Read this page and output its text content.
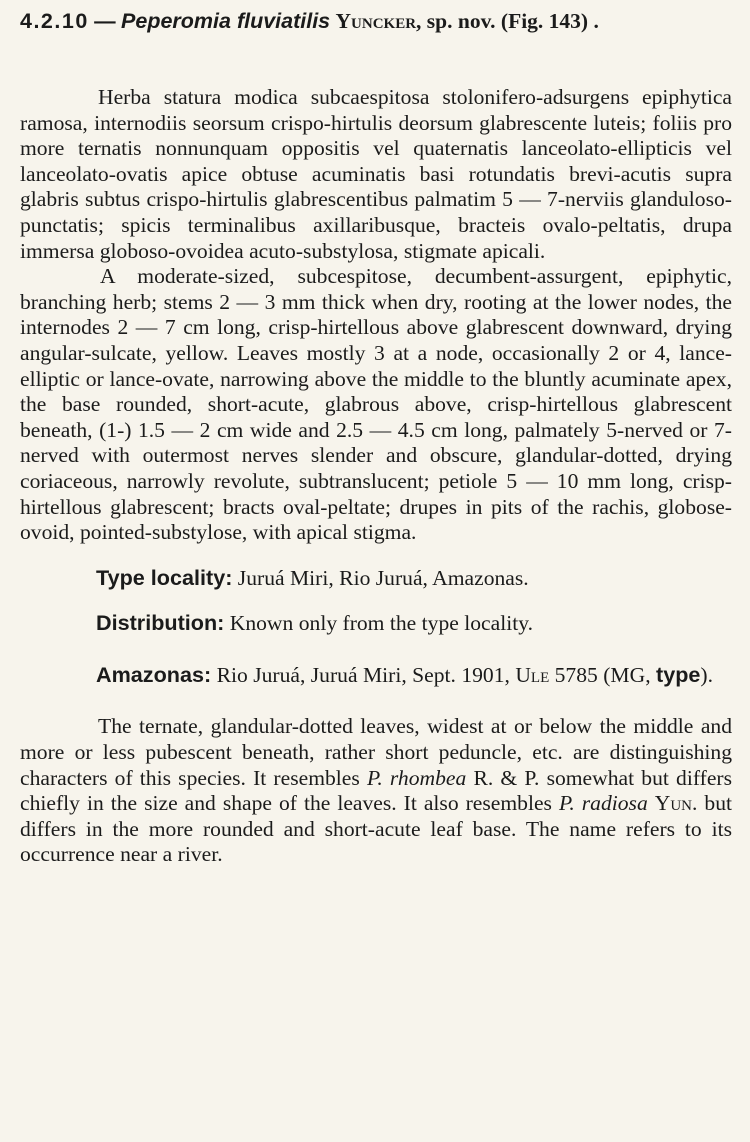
4.2.10 — Peperomia fluviatilis Yuncker, sp. nov. (Fig. 143) .

Herba statura modica subcaespitosa stolonifero-adsurgens epiphytica ramosa, internodiis seorsum crispo-hirtulis deorsum glabrescente luteis; foliis pro more ternatis nonnunquam oppositis vel quaternatis lanceolato-ellipticis vel lanceolato-ovatis apice obtuse acuminatis basi rotundatis brevi-acutis supra glabris subtus crispo-hirtulis glabrescentibus palmatim 5 — 7-nerviis glanduloso-punctatis; spicis terminalibus axillaribusque, bracteis ovalo-peltatis, drupa immersa globoso-ovoidea acuto-substylosa, stigmate apicali.

A moderate-sized, subcespitose, decumbent-assurgent, epiphytic, branching herb; stems 2 — 3 mm thick when dry, rooting at the lower nodes, the internodes 2 — 7 cm long, crisp-hirtellous above glabrescent downward, drying angular-sulcate, yellow. Leaves mostly 3 at a node, occasionally 2 or 4, lance-elliptic or lance-ovate, narrowing above the middle to the bluntly acuminate apex, the base rounded, short-acute, glabrous above, crisp-hirtellous glabrescent beneath, (1-) 1.5 — 2 cm wide and 2.5 — 4.5 cm long, palmately 5-nerved or 7-nerved with outermost nerves slender and obscure, glandular-dotted, drying coriaceous, narrowly revolute, subtranslucent; petiole 5 — 10 mm long, crisp-hirtellous glabrescent; bracts oval-peltate; drupes in pits of the rachis, globose-ovoid, pointed-substylose, with apical stigma.

Type locality: Juruá Miri, Rio Juruá, Amazonas.

Distribution: Known only from the type locality.

Amazonas: Rio Juruá, Juruá Miri, Sept. 1901, Ule 5785 (MG, type).

The ternate, glandular-dotted leaves, widest at or below the middle and more or less pubescent beneath, rather short peduncle, etc. are distinguishing characters of this species. It resembles P. rhombea R. & P. somewhat but differs chiefly in the size and shape of the leaves. It also resembles P. radiosa Yun. but differs in the more rounded and short-acute leaf base. The name refers to its occurrence near a river.
